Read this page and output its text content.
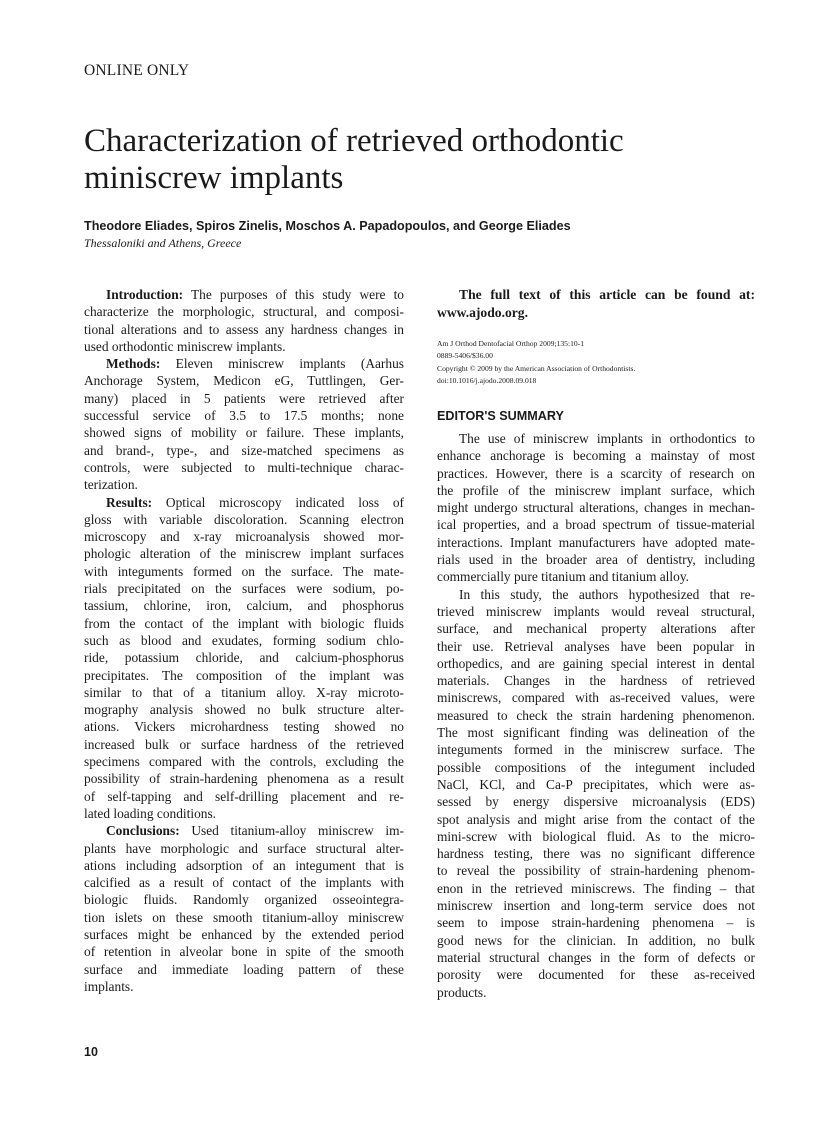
ONLINE ONLY
Characterization of retrieved orthodontic
miniscrew implants
Theodore Eliades, Spiros Zinelis, Moschos A. Papadopoulos, and George Eliades
Thessaloniki and Athens, Greece
Introduction: The purposes of this study were to
characterize the morphologic, structural, and composi-
tional alterations and to assess any hardness changes in
used orthodontic miniscrew implants.
Methods: Eleven miniscrew implants (Aarhus
Anchorage System, Medicon eG, Tuttlingen, Ger-
many) placed in 5 patients were retrieved after
successful service of 3.5 to 17.5 months; none
showed signs of mobility or failure. These implants,
and brand-, type-, and size-matched specimens as
controls, were subjected to multi-technique charac-
terization.
Results: Optical microscopy indicated loss of
gloss with variable discoloration. Scanning electron
microscopy and x-ray microanalysis showed mor-
phologic alteration of the miniscrew implant surfaces
with integuments formed on the surface. The mate-
rials precipitated on the surfaces were sodium, po-
tassium, chlorine, iron, calcium, and phosphorus
from the contact of the implant with biologic fluids
such as blood and exudates, forming sodium chlo-
ride, potassium chloride, and calcium-phosphorus
precipitates. The composition of the implant was
similar to that of a titanium alloy. X-ray microto-
mography analysis showed no bulk structure alter-
ations. Vickers microhardness testing showed no
increased bulk or surface hardness of the retrieved
specimens compared with the controls, excluding the
possibility of strain-hardening phenomena as a result
of self-tapping and self-drilling placement and re-
lated loading conditions.
Conclusions: Used titanium-alloy miniscrew im-
plants have morphologic and surface structural alter-
ations including adsorption of an integument that is
calcified as a result of contact of the implants with
biologic fluids. Randomly organized osseointegra-
tion islets on these smooth titanium-alloy miniscrew
surfaces might be enhanced by the extended period
of retention in alveolar bone in spite of the smooth
surface and immediate loading pattern of these
implants.
The full text of this article can be found at:
www.ajodo.org.
Am J Orthod Dentofacial Orthop 2009;135:10-1
0889-5406/$36.00
Copyright © 2009 by the American Association of Orthodontists.
doi:10.1016/j.ajodo.2008.09.018
EDITOR'S SUMMARY
The use of miniscrew implants in orthodontics to
enhance anchorage is becoming a mainstay of most
practices. However, there is a scarcity of research on
the profile of the miniscrew implant surface, which
might undergo structural alterations, changes in mechan-
ical properties, and a broad spectrum of tissue-material
interactions. Implant manufacturers have adopted mate-
rials used in the broader area of dentistry, including
commercially pure titanium and titanium alloy.
In this study, the authors hypothesized that re-
trieved miniscrew implants would reveal structural,
surface, and mechanical property alterations after
their use. Retrieval analyses have been popular in
orthopedics, and are gaining special interest in dental
materials. Changes in the hardness of retrieved
miniscrews, compared with as-received values, were
measured to check the strain hardening phenomenon.
The most significant finding was delineation of the
integuments formed in the miniscrew surface. The
possible compositions of the integument included
NaCl, KCl, and Ca-P precipitates, which were as-
sessed by energy dispersive microanalysis (EDS)
spot analysis and might arise from the contact of the
mini-screw with biological fluid. As to the micro-
hardness testing, there was no significant difference
to reveal the possibility of strain-hardening phenom-
enon in the retrieved miniscrews. The finding – that
miniscrew insertion and long-term service does not
seem to impose strain-hardening phenomena – is
good news for the clinician. In addition, no bulk
material structural changes in the form of defects or
porosity were documented for these as-received
products.
10
